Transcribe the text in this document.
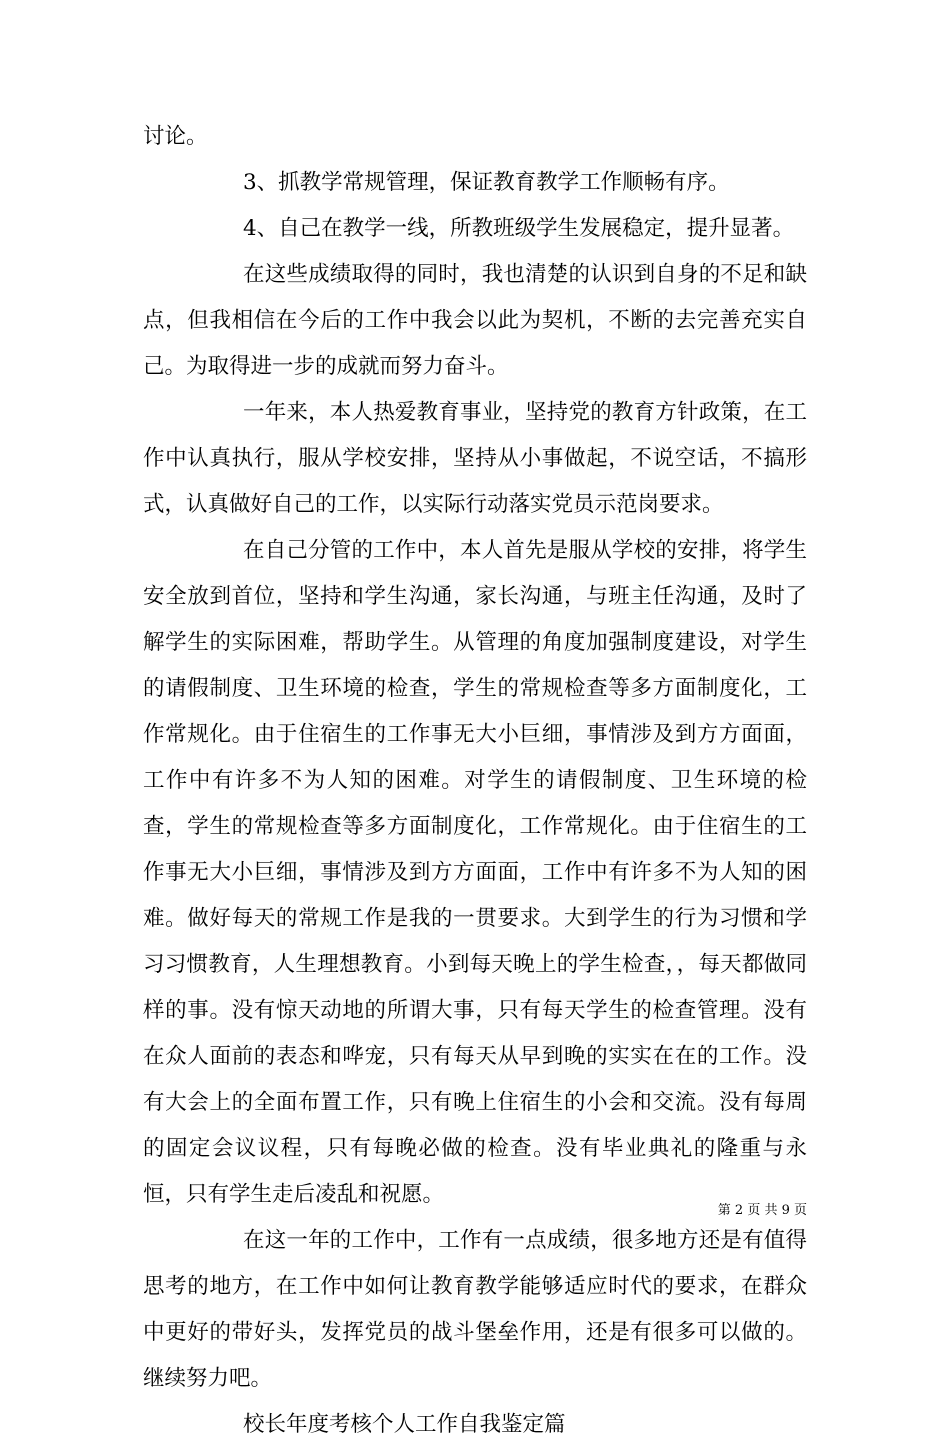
讨论。

3、抓教学常规管理，保证教育教学工作顺畅有序。

4、自己在教学一线，所教班级学生发展稳定，提升显著。

在这些成绩取得的同时，我也清楚的认识到自身的不足和缺点，但我相信在今后的工作中我会以此为契机，不断的去完善充实自己。为取得进一步的成就而努力奋斗。

一年来，本人热爱教育事业，坚持党的教育方针政策，在工作中认真执行，服从学校安排，坚持从小事做起，不说空话，不搞形式，认真做好自己的工作，以实际行动落实党员示范岗要求。

在自己分管的工作中，本人首先是服从学校的安排，将学生安全放到首位，坚持和学生沟通，家长沟通，与班主任沟通，及时了解学生的实际困难，帮助学生。从管理的角度加强制度建设，对学生的请假制度、卫生环境的检查，学生的常规检查等多方面制度化，工作常规化。由于住宿生的工作事无大小巨细，事情涉及到方方面面，工作中有许多不为人知的困难。对学生的请假制度、卫生环境的检查，学生的常规检查等多方面制度化，工作常规化。由于住宿生的工作事无大小巨细，事情涉及到方方面面，工作中有许多不为人知的困难。做好每天的常规工作是我的一贯要求。大到学生的行为习惯和学习习惯教育，人生理想教育。小到每天晚上的学生检查，，每天都做同样的事。没有惊天动地的所谓大事，只有每天学生的检查管理。没有在众人面前的表态和哗宠，只有每天从早到晚的实实在在的工作。没有大会上的全面布置工作，只有晚上住宿生的小会和交流。没有每周的固定会议议程，只有每晚必做的检查。没有毕业典礼的隆重与永恒，只有学生走后凌乱和祝愿。

在这一年的工作中，工作有一点成绩，很多地方还是有值得思考的地方，在工作中如何让教育教学能够适应时代的要求，在群众中更好的带好头，发挥党员的战斗堡垒作用，还是有很多可以做的。继续努力吧。

校长年度考核个人工作自我鉴定篇

第 2 页 共 9 页
